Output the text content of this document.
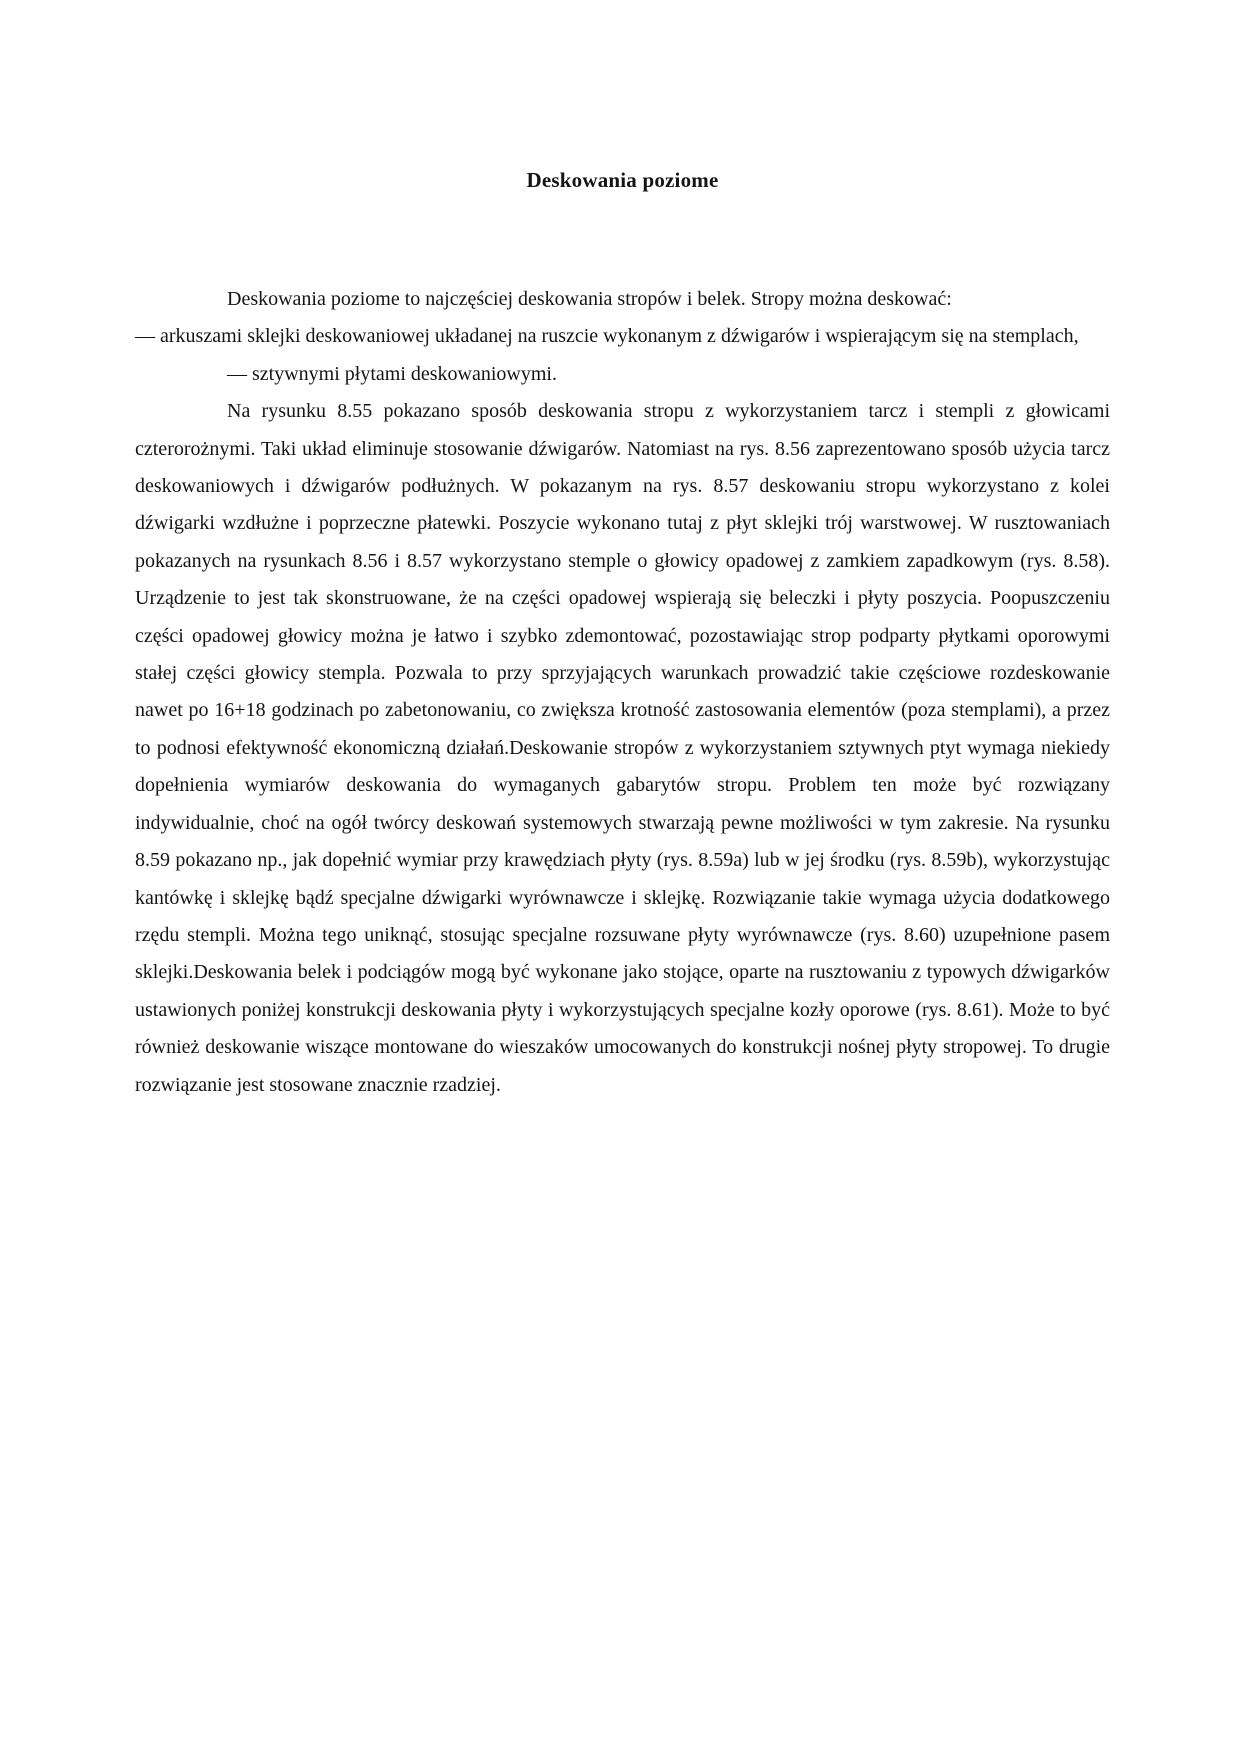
Deskowania poziome

Deskowania poziome to najczęściej deskowania stropów i belek. Stropy można deskować:

— arkuszami sklejki deskowaniowej układanej na ruszcie wykonanym z dźwigarów i wspierającym się na stemplach,

— sztywnymi płytami deskowaniowymi.

Na rysunku 8.55 pokazano sposób deskowania stropu z wykorzystaniem tarcz i stempli z głowicami czterorożnymi. Taki układ eliminuje stosowanie dźwigarów. Natomiast na rys. 8.56 zaprezentowano sposób użycia tarcz deskowaniowych i dźwigarów podłużnych. W pokazanym na rys. 8.57 deskowaniu stropu wykorzystano z kolei dźwigarki wzdłużne i poprzeczne płatewki. Poszycie wykonano tutaj z płyt sklejki trój warstwowej. W rusztowaniach pokazanych na rysunkach 8.56 i 8.57 wykorzystano stemple o głowicy opadowej z zamkiem zapadkowym (rys. 8.58). Urządzenie to jest tak skonstruowane, że na części opadowej wspierają się beleczki i płyty poszycia. Poopuszczeniu części opadowej głowicy można je łatwo i szybko zdemontować, pozostawiając strop podparty płytkami oporowymi stałej części głowicy stempla. Pozwala to przy sprzyjających warunkach prowadzić takie częściowe rozdeskowanie nawet po 16+18 godzinach po zabetonowaniu, co zwiększa krotność zastosowania elementów (poza stemplami), a przez to podnosi efektywność ekonomiczną działań.Deskowanie stropów z wykorzystaniem sztywnych ptyt wymaga niekiedy dopełnienia wymiarów deskowania do wymaganych gabarytów stropu. Problem ten może być rozwiązany indywidualnie, choć na ogół twórcy deskowań systemowych stwarzają pewne możliwości w tym zakresie. Na rysunku 8.59 pokazano np., jak dopełnić wymiar przy krawędziach płyty (rys. 8.59a) lub w jej środku (rys. 8.59b), wykorzystując kantówkę i sklejkę bądź specjalne dźwigarki wyrównawcze i sklejkę. Rozwiązanie takie wymaga użycia dodatkowego rzędu stempli. Można tego uniknąć, stosując specjalne rozsuwane płyty wyrównawcze (rys. 8.60) uzupełnione pasem sklejki.Deskowania belek i podciągów mogą być wykonane jako stojące, oparte na rusztowaniu z typowych dźwigarków ustawionych poniżej konstrukcji deskowania płyty i wykorzystujących specjalne kozły oporowe (rys. 8.61). Może to być również deskowanie wiszące montowane do wieszaków umocowanych do konstrukcji nośnej płyty stropowej. To drugie rozwiązanie jest stosowane znacznie rzadziej.
